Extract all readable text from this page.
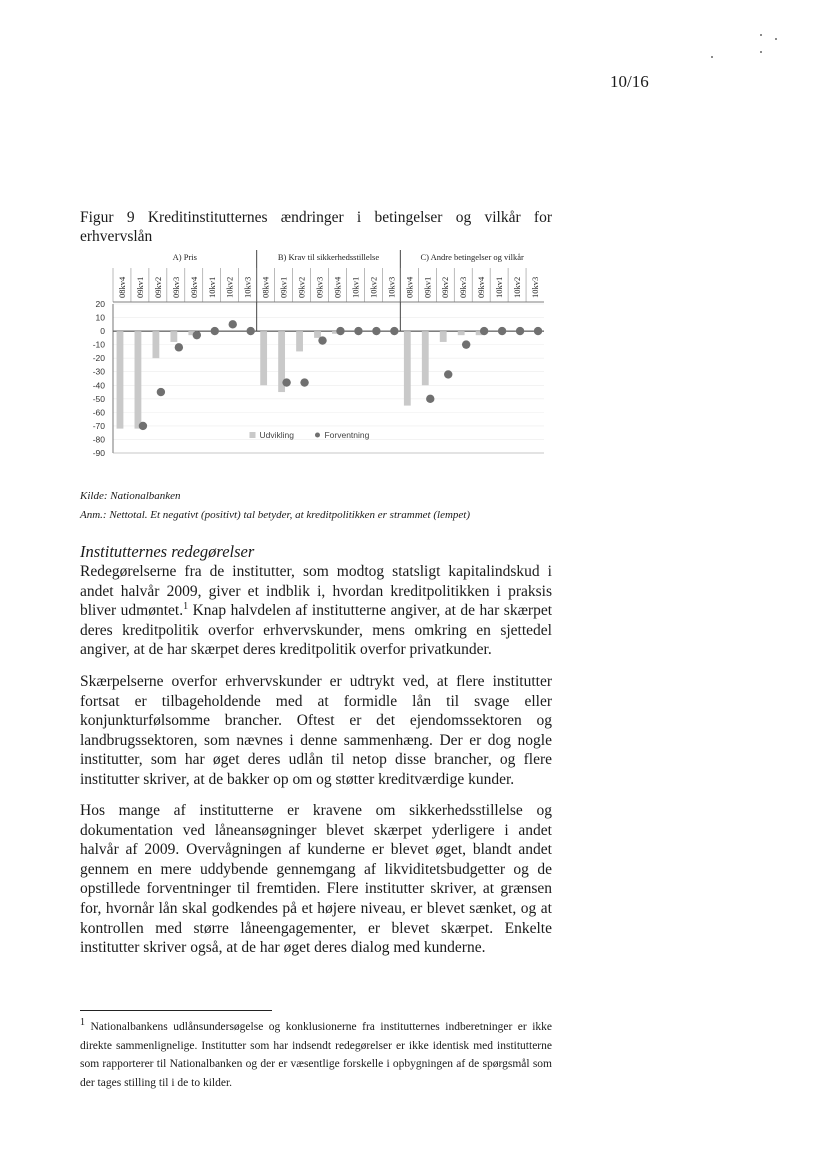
10/16
Figur 9 Kreditinstitutternes ændringer i betingelser og vilkår for erhvervslån
20
10
0
-10
-20
-30
-40
-50
-60
-70
-80
-90
A) Pris
08kv4 09kv1 09kv2 09kv3 09kv4 10kv1 10kv2 10kv3
B) Krav til sikkerhedsstillelse
08kv4 09kv1 09kv2 09kv3 09kv4 10kv1 10kv2 10kv3
C) Andre betingelser og vilkår
08kv4 09kv1 09kv2 09kv3 09kv4 10kv1 10kv2 10kv3
Udvikling	Forventning
Kilde: Nationalbanken
Anm.: Nettotal. Et negativt (positivt) tal betyder, at kreditpolitikken er strammet (lempet)
Institutternes redegørelser

Redegørelserne fra de institutter, som modtog statsligt kapitalindskud i andet halvår 2009, giver et indblik i, hvordan kreditpolitikken i praksis bliver udmøntet.$^1$ Knap halvdelen af institutterne angiver, at de har skærpet deres kreditpolitik overfor erhvervskunder, mens omkring en sjettedel angiver, at de har skærpet deres kreditpolitik overfor privatkunder.

Skærpelserne overfor erhvervskunder er udtrykt ved, at flere institutter fortsat er tilbageholdende med at formidle lån til svage eller konjunkturfølsomme brancher. Oftest er det ejendomssektoren og landbrugssektoren, som nævnes i denne sammenhæng. Der er dog nogle institutter, som har øget deres udlån til netop disse brancher, og flere institutter skriver, at de bakker op om og støtter kreditværdige kunder.

Hos mange af institutterne er kravene om sikkerhedsstillelse og dokumentation ved låneansøgninger blevet skærpet yderligere i andet halvår af 2009. Overvågningen af kunderne er blevet øget, blandt andet gennem en mere uddybende gennemgang af likviditetsbudgetter og de opstillede forventninger til fremtiden. Flere institutter skriver, at grænsen for, hvornår lån skal godkendes på et højere niveau, er blevet sænket, og at kontrollen med større låneengagementer, er blevet skærpet. Enkelte institutter skriver også, at de har øget deres dialog med kunderne.

$^1$ Nationalbankens udlånsundersøgelse og konklusionerne fra institutternes indberetninger er ikke direkte sammenlignelige. Institutter som har indsendt redegørelser er ikke identisk med institutterne som rapporterer til Nationalbanken og der er væsentlige forskelle i opbygningen af de spørgsmål som der tages stilling til i de to kilder.
